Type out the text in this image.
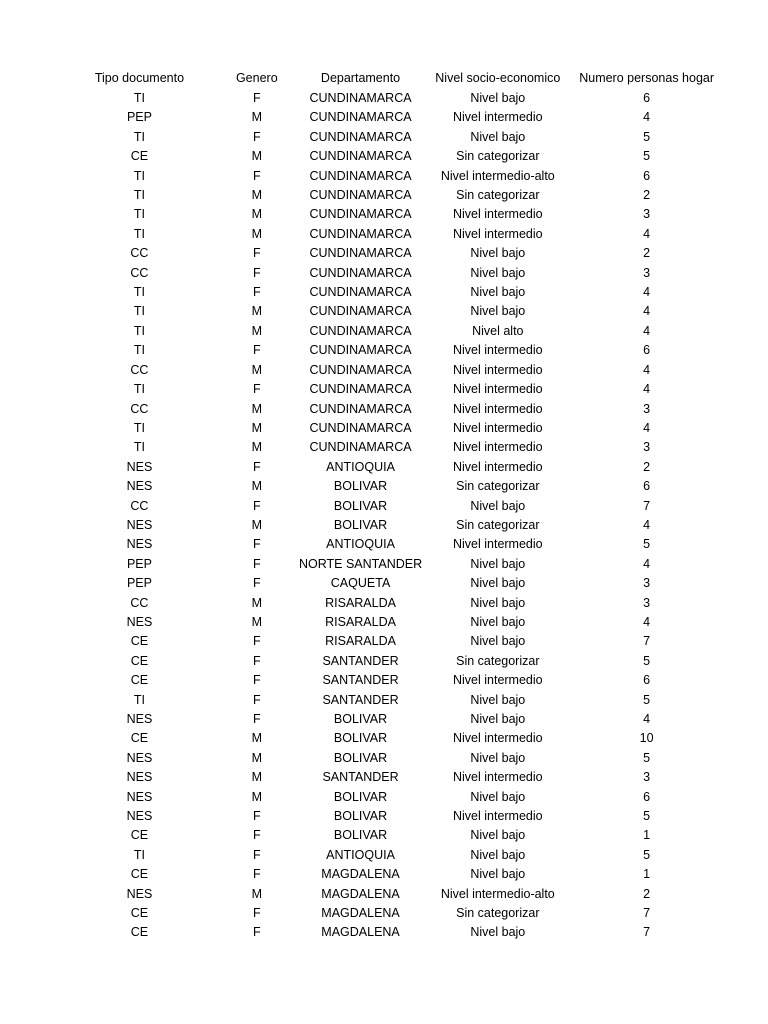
Tipo documento	Genero	Departamento	Nivel socio-economico	Numero personas hogar
TI	F	CUNDINAMARCA	Nivel bajo	6
PEP	M	CUNDINAMARCA	Nivel intermedio	4
TI	F	CUNDINAMARCA	Nivel bajo	5
CE	M	CUNDINAMARCA	Sin categorizar	5
TI	F	CUNDINAMARCA	Nivel intermedio-alto	6
TI	M	CUNDINAMARCA	Sin categorizar	2
TI	M	CUNDINAMARCA	Nivel intermedio	3
TI	M	CUNDINAMARCA	Nivel intermedio	4
CC	F	CUNDINAMARCA	Nivel bajo	2
CC	F	CUNDINAMARCA	Nivel bajo	3
TI	F	CUNDINAMARCA	Nivel bajo	4
TI	M	CUNDINAMARCA	Nivel bajo	4
TI	M	CUNDINAMARCA	Nivel alto	4
TI	F	CUNDINAMARCA	Nivel intermedio	6
CC	M	CUNDINAMARCA	Nivel intermedio	4
TI	F	CUNDINAMARCA	Nivel intermedio	4
CC	M	CUNDINAMARCA	Nivel intermedio	3
TI	M	CUNDINAMARCA	Nivel intermedio	4
TI	M	CUNDINAMARCA	Nivel intermedio	3
NES	F	ANTIOQUIA	Nivel intermedio	2
NES	M	BOLIVAR	Sin categorizar	6
CC	F	BOLIVAR	Nivel bajo	7
NES	M	BOLIVAR	Sin categorizar	4
NES	F	ANTIOQUIA	Nivel intermedio	5
PEP	F	NORTE SANTANDER	Nivel bajo	4
PEP	F	CAQUETA	Nivel bajo	3
CC	M	RISARALDA	Nivel bajo	3
NES	M	RISARALDA	Nivel bajo	4
CE	F	RISARALDA	Nivel bajo	7
CE	F	SANTANDER	Sin categorizar	5
CE	F	SANTANDER	Nivel intermedio	6
TI	F	SANTANDER	Nivel bajo	5
NES	F	BOLIVAR	Nivel bajo	4
CE	M	BOLIVAR	Nivel intermedio	10
NES	M	BOLIVAR	Nivel bajo	5
NES	M	SANTANDER	Nivel intermedio	3
NES	M	BOLIVAR	Nivel bajo	6
NES	F	BOLIVAR	Nivel intermedio	5
CE	F	BOLIVAR	Nivel bajo	1
TI	F	ANTIOQUIA	Nivel bajo	5
CE	F	MAGDALENA	Nivel bajo	1
NES	M	MAGDALENA	Nivel intermedio-alto	2
CE	F	MAGDALENA	Sin categorizar	7
CE	F	MAGDALENA	Nivel bajo	7
